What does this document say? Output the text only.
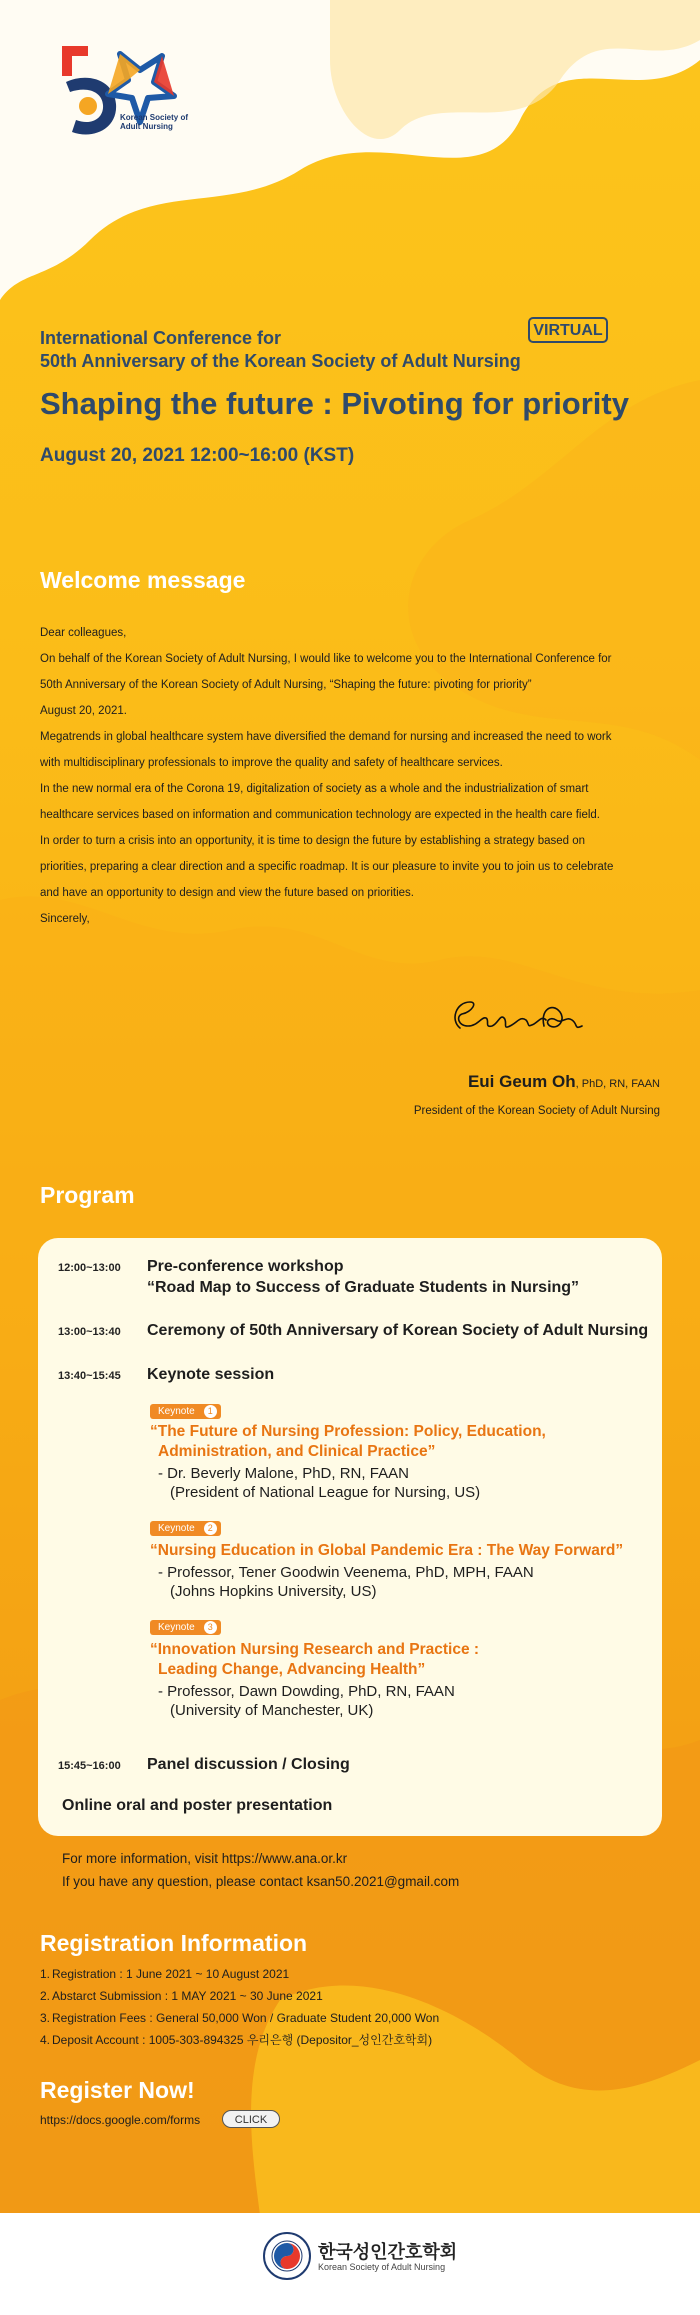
Korean Society of
Adult Nursing
International Conference for
50th Anniversary of the Korean Society of Adult Nursing
VIRTUAL
Shaping the future : Pivoting for priority
August 20, 2021 12:00~16:00 (KST)
Welcome message

Dear colleagues,

On behalf of the Korean Society of Adult Nursing, I would like to welcome you to the International Conference for

50th Anniversary of the Korean Society of Adult Nursing, “Shaping the future: pivoting for priority”

August 20, 2021.

Megatrends in global healthcare system have diversified the demand for nursing and increased the need to work

with multidisciplinary professionals to improve the quality and safety of healthcare services.

In the new normal era of the Corona 19, digitalization of society as a whole and the industrialization of smart

healthcare services based on information and communication technology are expected in the health care field.

In order to turn a crisis into an opportunity, it is time to design the future by establishing a strategy based on

priorities, preparing a clear direction and a specific roadmap. It is our pleasure to invite you to join us to celebrate

and have an opportunity to design and view the future based on priorities.

Sincerely,

Eui Geum Oh, PhD, RN, FAAN
President of the Korean Society of Adult Nursing
Program
12:00~13:00 Pre-conference workshop
“Road Map to Success of Graduate Students in Nursing”
13:00~13:40 Ceremony of 50th Anniversary of Korean Society of Adult Nursing
13:40~15:45 Keynote session
Keynote	1
“The Future of Nursing Profession: Policy, Education,
Administration, and Clinical Practice”
- Dr. Beverly Malone, PhD, RN, FAAN
(President of National League for Nursing, US)
Keynote	2
“Nursing Education in Global Pandemic Era : The Way Forward”
- Professor, Tener Goodwin Veenema, PhD, MPH, FAAN
(Johns Hopkins University, US)
Keynote	3
“Innovation Nursing Research and Practice :
Leading Change, Advancing Health”
- Professor, Dawn Dowding, PhD, RN, FAAN
(University of Manchester, UK)
15:45~16:00 Panel discussion / Closing
Online oral and poster presentation
For more information, visit https://www.ana.or.kr
If you have any question, please contact ksan50.2021@gmail.com
Registration Information
1. Registration : 1 June 2021 ~ 10 August 2021
2. Abstarct Submission : 1 MAY 2021 ~ 30 June 2021
3. Registration Fees : General 50,000 Won / Graduate Student 20,000 Won
4. Deposit Account : 1005-303-894325 우리은행 (Depositor_성인간호학회)
Register Now!
https://docs.google.com/forms	CLICK
한국성인간호학회
Korean Society of Adult Nursing
